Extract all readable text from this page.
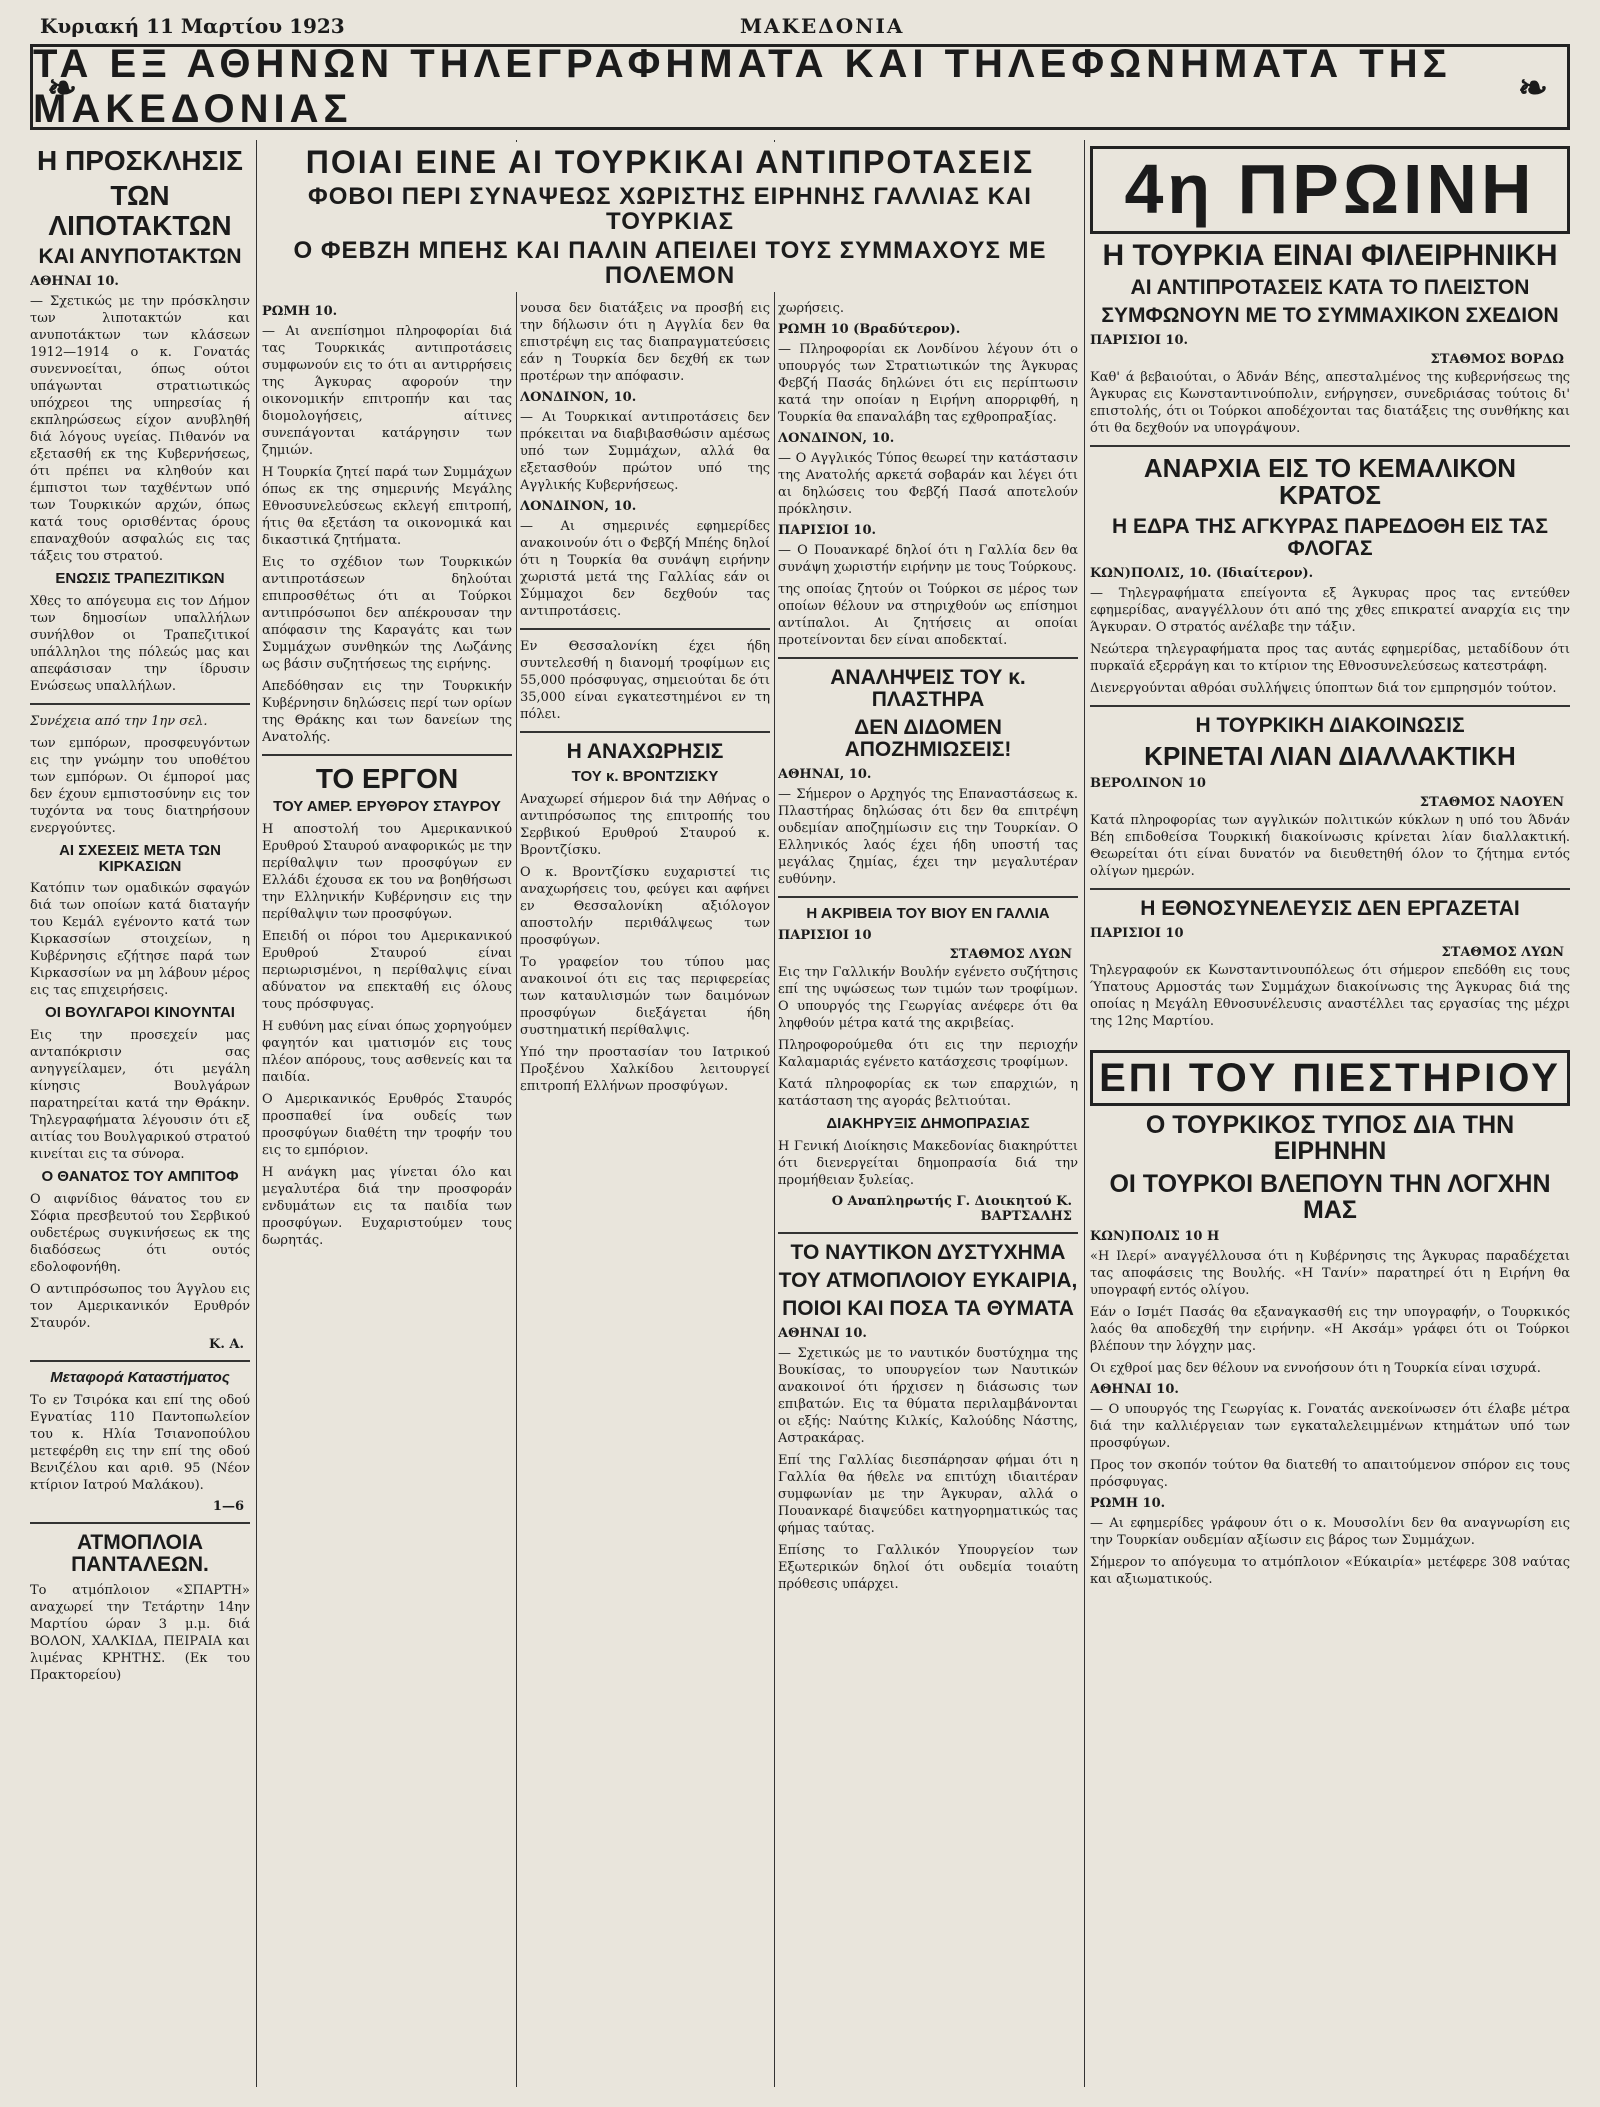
Κυριακή 11 Μαρτίου 1923	ΜΑΚΕΔΟΝΙΑ
❧ ΤΑ ΕΞ ΑΘΗΝΩΝ ΤΗΛΕΓΡΑΦΗΜΑΤΑ ΚΑΙ ΤΗΛΕΦΩΝΗΜΑΤΑ ΤΗΣ ΜΑΚΕΔΟΝΙΑΣ ❧
Η ΠΡΟΣΚΛΗΣΙΣ
ΤΩΝ ΛΙΠΟΤΑΚΤΩΝ
ΚΑΙ ΑΝΥΠΟΤΑΚΤΩΝ
ΑΘΗΝΑΙ 10.

— Σχετικώς με την πρόσκλησιν των λιποτακτών και ανυποτάκτων των κλάσεων 1912—1914 ο κ. Γονατάς συνεννοείται, όπως ούτοι υπάγωνται στρατιωτικώς υπόχρεοι της υπηρεσίας ή εκπληρώσεως είχον ανυβληθή διά λόγους υγείας. Πιθανόν να εξετασθή εκ της Κυβερνήσεως, ότι πρέπει να κληθούν και έμπιστοι των ταχθέντων υπό των Τουρκικών αρχών, όπως κατά τους ορισθέντας όρους επαναχθούν ασφαλώς εις τας τάξεις του στρατού.

ΕΝΩΣΙΣ ΤΡΑΠΕΖΙΤΙΚΩΝ

Χθες το απόγευμα εις τον Δήμον των δημοσίων υπαλλήλων συνήλθον οι Τραπεζιτικοί υπάλληλοι της πόλεώς μας και απεφάσισαν την ίδρυσιν Ενώσεως υπαλλήλων.

Συνέχεια από την 1ην σελ.

των εμπόρων, προσφευγόντων εις την γνώμην του υποθέτου των εμπόρων. Οι έμποροί μας δεν έχουν εμπιστοσύνην εις τον τυχόντα να τους διατηρήσουν ενεργούντες.

ΑΙ ΣΧΕΣΕΙΣ ΜΕΤΑ ΤΩΝ ΚΙΡΚΑΣΙΩΝ

Κατόπιν των ομαδικών σφαγών διά των οποίων κατά διαταγήν του Κεμάλ εγένοντο κατά των Κιρκασσίων στοιχείων, η Κυβέρνησις εζήτησε παρά των Κιρκασσίων να μη λάβουν μέρος εις τας επιχειρήσεις.

ΟΙ ΒΟΥΛΓΑΡΟΙ ΚΙΝΟΥΝΤΑΙ

Εις την προσεχείν μας ανταπόκρισιν σας ανηγγείλαμεν, ότι μεγάλη κίνησις Βουλγάρων παρατηρείται κατά την Θράκην. Τηλεγραφήματα λέγουσιν ότι εξ αιτίας του Βουλγαρικού στρατού κινείται εις τα σύνορα.

Ο ΘΑΝΑΤΟΣ ΤΟΥ ΑΜΠΙΤΟΦ

Ο αιφνίδιος θάνατος του εν Σόφια πρεσβευτού του Σερβικού ουδετέρως συγκινήσεως εκ της διαδόσεως ότι ουτός εδολοφονήθη.

Ο αντιπρόσωπος του Άγγλου εις τον Αμερικανικόν Ερυθρόν Σταυρόν.

Κ. Α.
Μεταφορά Καταστήματος

Το εν Τσιρόκα και επί της οδού Εγνατίας 110 Παντοπωλείον του κ. Ηλία Τσιανοπούλου μετεφέρθη εις την επί της οδού Βενιζέλου και αριθ. 95 (Νέον κτίριον Ιατρού Μαλάκου).

1—6
ΑΤΜΟΠΛΟΙΑ ΠΑΝΤΑΛΕΩΝ.

Το ατμόπλοιον «ΣΠΑΡΤΗ» αναχωρεί την Τετάρτην 14ην Μαρτίου ώραν 3 μ.μ. διά ΒΟΛΟΝ, ΧΑΛΚΙΔΑ, ΠΕΙΡΑΙΑ και λιμένας ΚΡΗΤΗΣ. (Εκ του Πρακτορείου)

ΠΟΙΑΙ ΕΙΝΕ ΑΙ ΤΟΥΡΚΙΚΑΙ ΑΝΤΙΠΡΟΤΑΣΕΙΣ
ΦΟΒΟΙ ΠΕΡΙ ΣΥΝΑΨΕΩΣ ΧΩΡΙΣΤΗΣ ΕΙΡΗΝΗΣ ΓΑΛΛΙΑΣ ΚΑΙ ΤΟΥΡΚΙΑΣ
Ο ΦΕΒΖΗ ΜΠΕΗΣ ΚΑΙ ΠΑΛΙΝ ΑΠΕΙΛΕΙ ΤΟΥΣ ΣΥΜΜΑΧΟΥΣ ΜΕ ΠΟΛΕΜΟΝ
ΡΩΜΗ 10.

— Αι ανεπίσημοι πληροφορίαι διά τας Τουρκικάς αντιπροτάσεις συμφωνούν εις το ότι αι αντιρρήσεις της Άγκυρας αφορούν την οικονομικήν επιτροπήν και τας διομολογήσεις, αίτινες συνεπάγονται κατάργησιν των ζημιών.

Η Τουρκία ζητεί παρά των Συμμάχων όπως εκ της σημερινής Μεγάλης Εθνοσυνελεύσεως εκλεγή επιτροπή, ήτις θα εξετάση τα οικονομικά και δικαστικά ζητήματα.

Εις το σχέδιον των Τουρκικών αντιπροτάσεων δηλούται επιπροσθέτως ότι αι Τούρκοι αντιπρόσωποι δεν απέκρουσαν την απόφασιν της Καραγάτς και των Συμμάχων συνθηκών της Λωζάνης ως βάσιν συζητήσεως της ειρήνης.

Απεδόθησαν εις την Τουρκικήν Κυβέρνησιν δηλώσεις περί των ορίων της Θράκης και των δανείων της Ανατολής.

ΤΟ ΕΡΓΟΝ
ΤΟΥ ΑΜΕΡ. ΕΡΥΘΡΟΥ ΣΤΑΥΡΟΥ

Η αποστολή του Αμερικανικού Ερυθρού Σταυρού αναφορικώς με την περίθαλψιν των προσφύγων εν Ελλάδι έχουσα εκ του να βοηθήσωσι την Ελληνικήν Κυβέρνησιν εις την περίθαλψιν των προσφύγων.

Επειδή οι πόροι του Αμερικανικού Ερυθρού Σταυρού είναι περιωρισμένοι, η περίθαλψις είναι αδύνατον να επεκταθή εις όλους τους πρόσφυγας.

Η ευθύνη μας είναι όπως χορηγούμεν φαγητόν και ιματισμόν εις τους πλέον απόρους, τους ασθενείς και τα παιδία.

Ο Αμερικανικός Ερυθρός Σταυρός προσπαθεί ίνα ουδείς των προσφύγων διαθέτη την τροφήν του εις το εμπόριον.

Η ανάγκη μας γίνεται όλο και μεγαλυτέρα διά την προσφοράν ενδυμάτων εις τα παιδία των προσφύγων. Ευχαριστούμεν τους δωρητάς.

νουσα δεν διατάξεις να προσβή εις την δήλωσιν ότι η Αγγλία δεν θα επιστρέψη εις τας διαπραγματεύσεις εάν η Τουρκία δεν δεχθή εκ των προτέρων την απόφασιν.

ΛΟΝΔΙΝΟΝ, 10.

— Αι Τουρκικαί αντιπροτάσεις δεν πρόκειται να διαβιβασθώσιν αμέσως υπό των Συμμάχων, αλλά θα εξετασθούν πρώτον υπό της Αγγλικής Κυβερνήσεως.

ΛΟΝΔΙΝΟΝ, 10.

— Αι σημερινές εφημερίδες ανακοινούν ότι ο Φεβζή Μπέης δηλοί ότι η Τουρκία θα συνάψη ειρήνην χωριστά μετά της Γαλλίας εάν οι Σύμμαχοι δεν δεχθούν τας αντιπροτάσεις.

Εν Θεσσαλονίκη έχει ήδη συντελεσθή η διανομή τροφίμων εις 55,000 πρόσφυγας, σημειούται δε ότι 35,000 είναι εγκατεστημένοι εν τη πόλει.

Η ΑΝΑΧΩΡΗΣΙΣ
ΤΟΥ κ. ΒΡΟΝΤΖΙΣΚΥ

Αναχωρεί σήμερον διά την Αθήνας ο αντιπρόσωπος της επιτροπής του Σερβικού Ερυθρού Σταυρού κ. Βροντζίσκυ.

Ο κ. Βροντζίσκυ ευχαριστεί τις αναχωρήσεις του, φεύγει και αφήνει εν Θεσσαλονίκη αξιόλογον αποστολήν περιθάλψεως των προσφύγων.

Το γραφείον του τύπου μας ανακοινοί ότι εις τας περιφερείας των καταυλισμών των δαιμόνων προσφύγων διεξάγεται ήδη συστηματική περίθαλψις.

Υπό την προστασίαν του Ιατρικού Προξένου Χαλκίδου λειτουργεί επιτροπή Ελλήνων προσφύγων.

χωρήσεις.

ΡΩΜΗ 10 (Βραδύτερον).

— Πληροφορίαι εκ Λονδίνου λέγουν ότι ο υπουργός των Στρατιωτικών της Άγκυρας Φεβζή Πασάς δηλώνει ότι εις περίπτωσιν κατά την οποίαν η Ειρήνη απορριφθή, η Τουρκία θα επαναλάβη τας εχθροπραξίας.

ΛΟΝΔΙΝΟΝ, 10.

— Ο Αγγλικός Τύπος θεωρεί την κατάστασιν της Ανατολής αρκετά σοβαράν και λέγει ότι αι δηλώσεις του Φεβζή Πασά αποτελούν πρόκλησιν.

ΠΑΡΙΣΙΟΙ 10.

— Ο Πουανκαρέ δηλοί ότι η Γαλλία δεν θα συνάψη χωριστήν ειρήνην με τους Τούρκους.

της οποίας ζητούν οι Τούρκοι σε μέρος των οποίων θέλουν να στηριχθούν ως επίσημοι αντίπαλοι. Αι ζητήσεις αι οποίαι προτείνονται δεν είναι αποδεκταί.

ΑΝΑΛΗΨΕΙΣ ΤΟΥ κ. ΠΛΑΣΤΗΡΑ
ΔΕΝ ΔΙΔΟΜΕΝ ΑΠΟΖΗΜΙΩΣΕΙΣ!
ΑΘΗΝΑΙ, 10.

— Σήμερον ο Αρχηγός της Επαναστάσεως κ. Πλαστήρας δηλώσας ότι δεν θα επιτρέψη ουδεμίαν αποζημίωσιν εις την Τουρκίαν. Ο Ελληνικός λαός έχει ήδη υποστή τας μεγάλας ζημίας, έχει την μεγαλυτέραν ευθύνην.

Η ΑΚΡΙΒΕΙΑ ΤΟΥ ΒΙΟΥ ΕΝ ΓΑΛΛΙΑ
ΠΑΡΙΣΙΟΙ 10
ΣΤΑΘΜΟΣ ΛΥΩΝ

Εις την Γαλλικήν Βουλήν εγένετο συζήτησις επί της υψώσεως των τιμών των τροφίμων. Ο υπουργός της Γεωργίας ανέφερε ότι θα ληφθούν μέτρα κατά της ακριβείας.

Πληροφορούμεθα ότι εις την περιοχήν Καλαμαριάς εγένετο κατάσχεσις τροφίμων.

Κατά πληροφορίας εκ των επαρχιών, η κατάσταση της αγοράς βελτιούται.

ΔΙΑΚΗΡΥΞΙΣ ΔΗΜΟΠΡΑΣΙΑΣ

Η Γενική Διοίκησις Μακεδονίας διακηρύττει ότι διενεργείται δημοπρασία διά την προμήθειαν ξυλείας.

Ο Αναπληρωτής Γ. Διοικητού Κ. ΒΑΡΤΣΑΛΗΣ
ΤΟ ΝΑΥΤΙΚΟΝ ΔΥΣΤΥΧΗΜΑ
ΤΟΥ ΑΤΜΟΠΛΟΙΟΥ ΕΥΚΑΙΡΙΑ,
ΠΟΙΟΙ ΚΑΙ ΠΟΣΑ ΤΑ ΘΥΜΑΤΑ
ΑΘΗΝΑΙ 10.

— Σχετικώς με το ναυτικόν δυστύχημα της Βουκίσας, το υπουργείον των Ναυτικών ανακοινοί ότι ήρχισεν η διάσωσις των επιβατών. Εις τα θύματα περιλαμβάνονται οι εξής: Ναύτης Κιλκίς, Καλούδης Νάστης, Αστρακάρας.

Επί της Γαλλίας διεσπάρησαν φήμαι ότι η Γαλλία θα ήθελε να επιτύχη ιδιαιτέραν συμφωνίαν με την Άγκυραν, αλλά ο Πουανκαρέ διαψεύδει κατηγορηματικώς τας φήμας ταύτας.

Επίσης το Γαλλικόν Υπουργείον των Εξωτερικών δηλοί ότι ουδεμία τοιαύτη πρόθεσις υπάρχει.

4η ΠΡΩΙΝΗ
Η ΤΟΥΡΚΙΑ ΕΙΝΑΙ ΦΙΛΕΙΡΗΝΙΚΗ
ΑΙ ΑΝΤΙΠΡΟΤΑΣΕΙΣ ΚΑΤΑ ΤΟ ΠΛΕΙΣΤΟΝ
ΣΥΜΦΩΝΟΥΝ ΜΕ ΤΟ ΣΥΜΜΑΧΙΚΟΝ ΣΧΕΔΙΟΝ
ΠΑΡΙΣΙΟΙ 10.
ΣΤΑΘΜΟΣ ΒΟΡΔΩ

Καθ' ά βεβαιούται, ο Άδνάν Βέης, απεσταλμένος της κυβερνήσεως της Άγκυρας εις Κωνσταντινούπολιν, ενήργησεν, συνεδριάσας τούτοις δι' επιστολής, ότι οι Τούρκοι αποδέχονται τας διατάξεις της συνθήκης και ότι θα δεχθούν να υπογράψουν.

ΑΝΑΡΧΙΑ ΕΙΣ ΤΟ ΚΕΜΑΛΙΚΟΝ ΚΡΑΤΟΣ
Η ΕΔΡΑ ΤΗΣ ΑΓΚΥΡΑΣ ΠΑΡΕΔΟΘΗ ΕΙΣ ΤΑΣ ΦΛΟΓΑΣ
ΚΩΝ)ΠΟΛΙΣ, 10. (Ιδιαίτερον).

— Τηλεγραφήματα επείγοντα εξ Άγκυρας προς τας εντεύθεν εφημερίδας, αναγγέλλουν ότι από της χθες επικρατεί αναρχία εις την Άγκυραν. Ο στρατός ανέλαβε την τάξιν.

Νεώτερα τηλεγραφήματα προς τας αυτάς εφημερίδας, μεταδίδουν ότι πυρκαϊά εξερράγη και το κτίριον της Εθνοσυνελεύσεως κατεστράφη.

Διενεργούνται αθρόαι συλλήψεις ύποπτων διά τον εμπρησμόν τούτον.

Η ΤΟΥΡΚΙΚΗ ΔΙΑΚΟΙΝΩΣΙΣ
ΚΡΙΝΕΤΑΙ ΛΙΑΝ ΔΙΑΛΛΑΚΤΙΚΗ
ΒΕΡΟΛΙΝΟΝ 10
ΣΤΑΘΜΟΣ ΝΑΟΥΕΝ

Κατά πληροφορίας των αγγλικών πολιτικών κύκλων η υπό του Άδνάν Βέη επιδοθείσα Τουρκική διακοίνωσις κρίνεται λίαν διαλλακτική. Θεωρείται ότι είναι δυνατόν να διευθετηθή όλον το ζήτημα εντός ολίγων ημερών.

Η ΕΘΝΟΣΥΝΕΛΕΥΣΙΣ ΔΕΝ ΕΡΓΑΖΕΤΑΙ
ΠΑΡΙΣΙΟΙ 10
ΣΤΑΘΜΟΣ ΛΥΩΝ

Τηλεγραφούν εκ Κωνσταντινουπόλεως ότι σήμερον επεδόθη εις τους Ύπατους Αρμοστάς των Συμμάχων διακοίνωσις της Άγκυρας διά της οποίας η Μεγάλη Εθνοσυνέλευσις αναστέλλει τας εργασίας της μέχρι της 12ης Μαρτίου.

ΕΠΙ ΤΟΥ ΠΙΕΣΤΗΡΙΟΥ
Ο ΤΟΥΡΚΙΚΟΣ ΤΥΠΟΣ ΔΙΑ ΤΗΝ ΕΙΡΗΝΗΝ
ΟΙ ΤΟΥΡΚΟΙ ΒΛΕΠΟΥΝ ΤΗΝ ΛΟΓΧΗΝ ΜΑΣ
ΚΩΝ)ΠΟΛΙΣ 10 Η

«Η Ιλερί» αναγγέλλουσα ότι η Κυβέρνησις της Άγκυρας παραδέχεται τας αποφάσεις της Βουλής. «Η Τανίν» παρατηρεί ότι η Ειρήνη θα υπογραφή εντός ολίγου.

Εάν ο Ισμέτ Πασάς θα εξαναγκασθή εις την υπογραφήν, ο Τουρκικός λαός θα αποδεχθή την ειρήνην. «Η Ακσάμ» γράφει ότι οι Τούρκοι βλέπουν την λόγχην μας.

Οι εχθροί μας δεν θέλουν να εννοήσουν ότι η Τουρκία είναι ισχυρά.

ΑΘΗΝΑΙ 10.

— Ο υπουργός της Γεωργίας κ. Γονατάς ανεκοίνωσεν ότι έλαβε μέτρα διά την καλλιέργειαν των εγκαταλελειμμένων κτημάτων υπό των προσφύγων.

Προς τον σκοπόν τούτον θα διατεθή το απαιτούμενον σπόρον εις τους πρόσφυγας.

ΡΩΜΗ 10.

— Αι εφημερίδες γράφουν ότι ο κ. Μουσολίνι δεν θα αναγνωρίση εις την Τουρκίαν ουδεμίαν αξίωσιν εις βάρος των Συμμάχων.

Σήμερον το απόγευμα το ατμόπλοιον «Εύκαιρία» μετέφερε 308 ναύτας και αξιωματικούς.
